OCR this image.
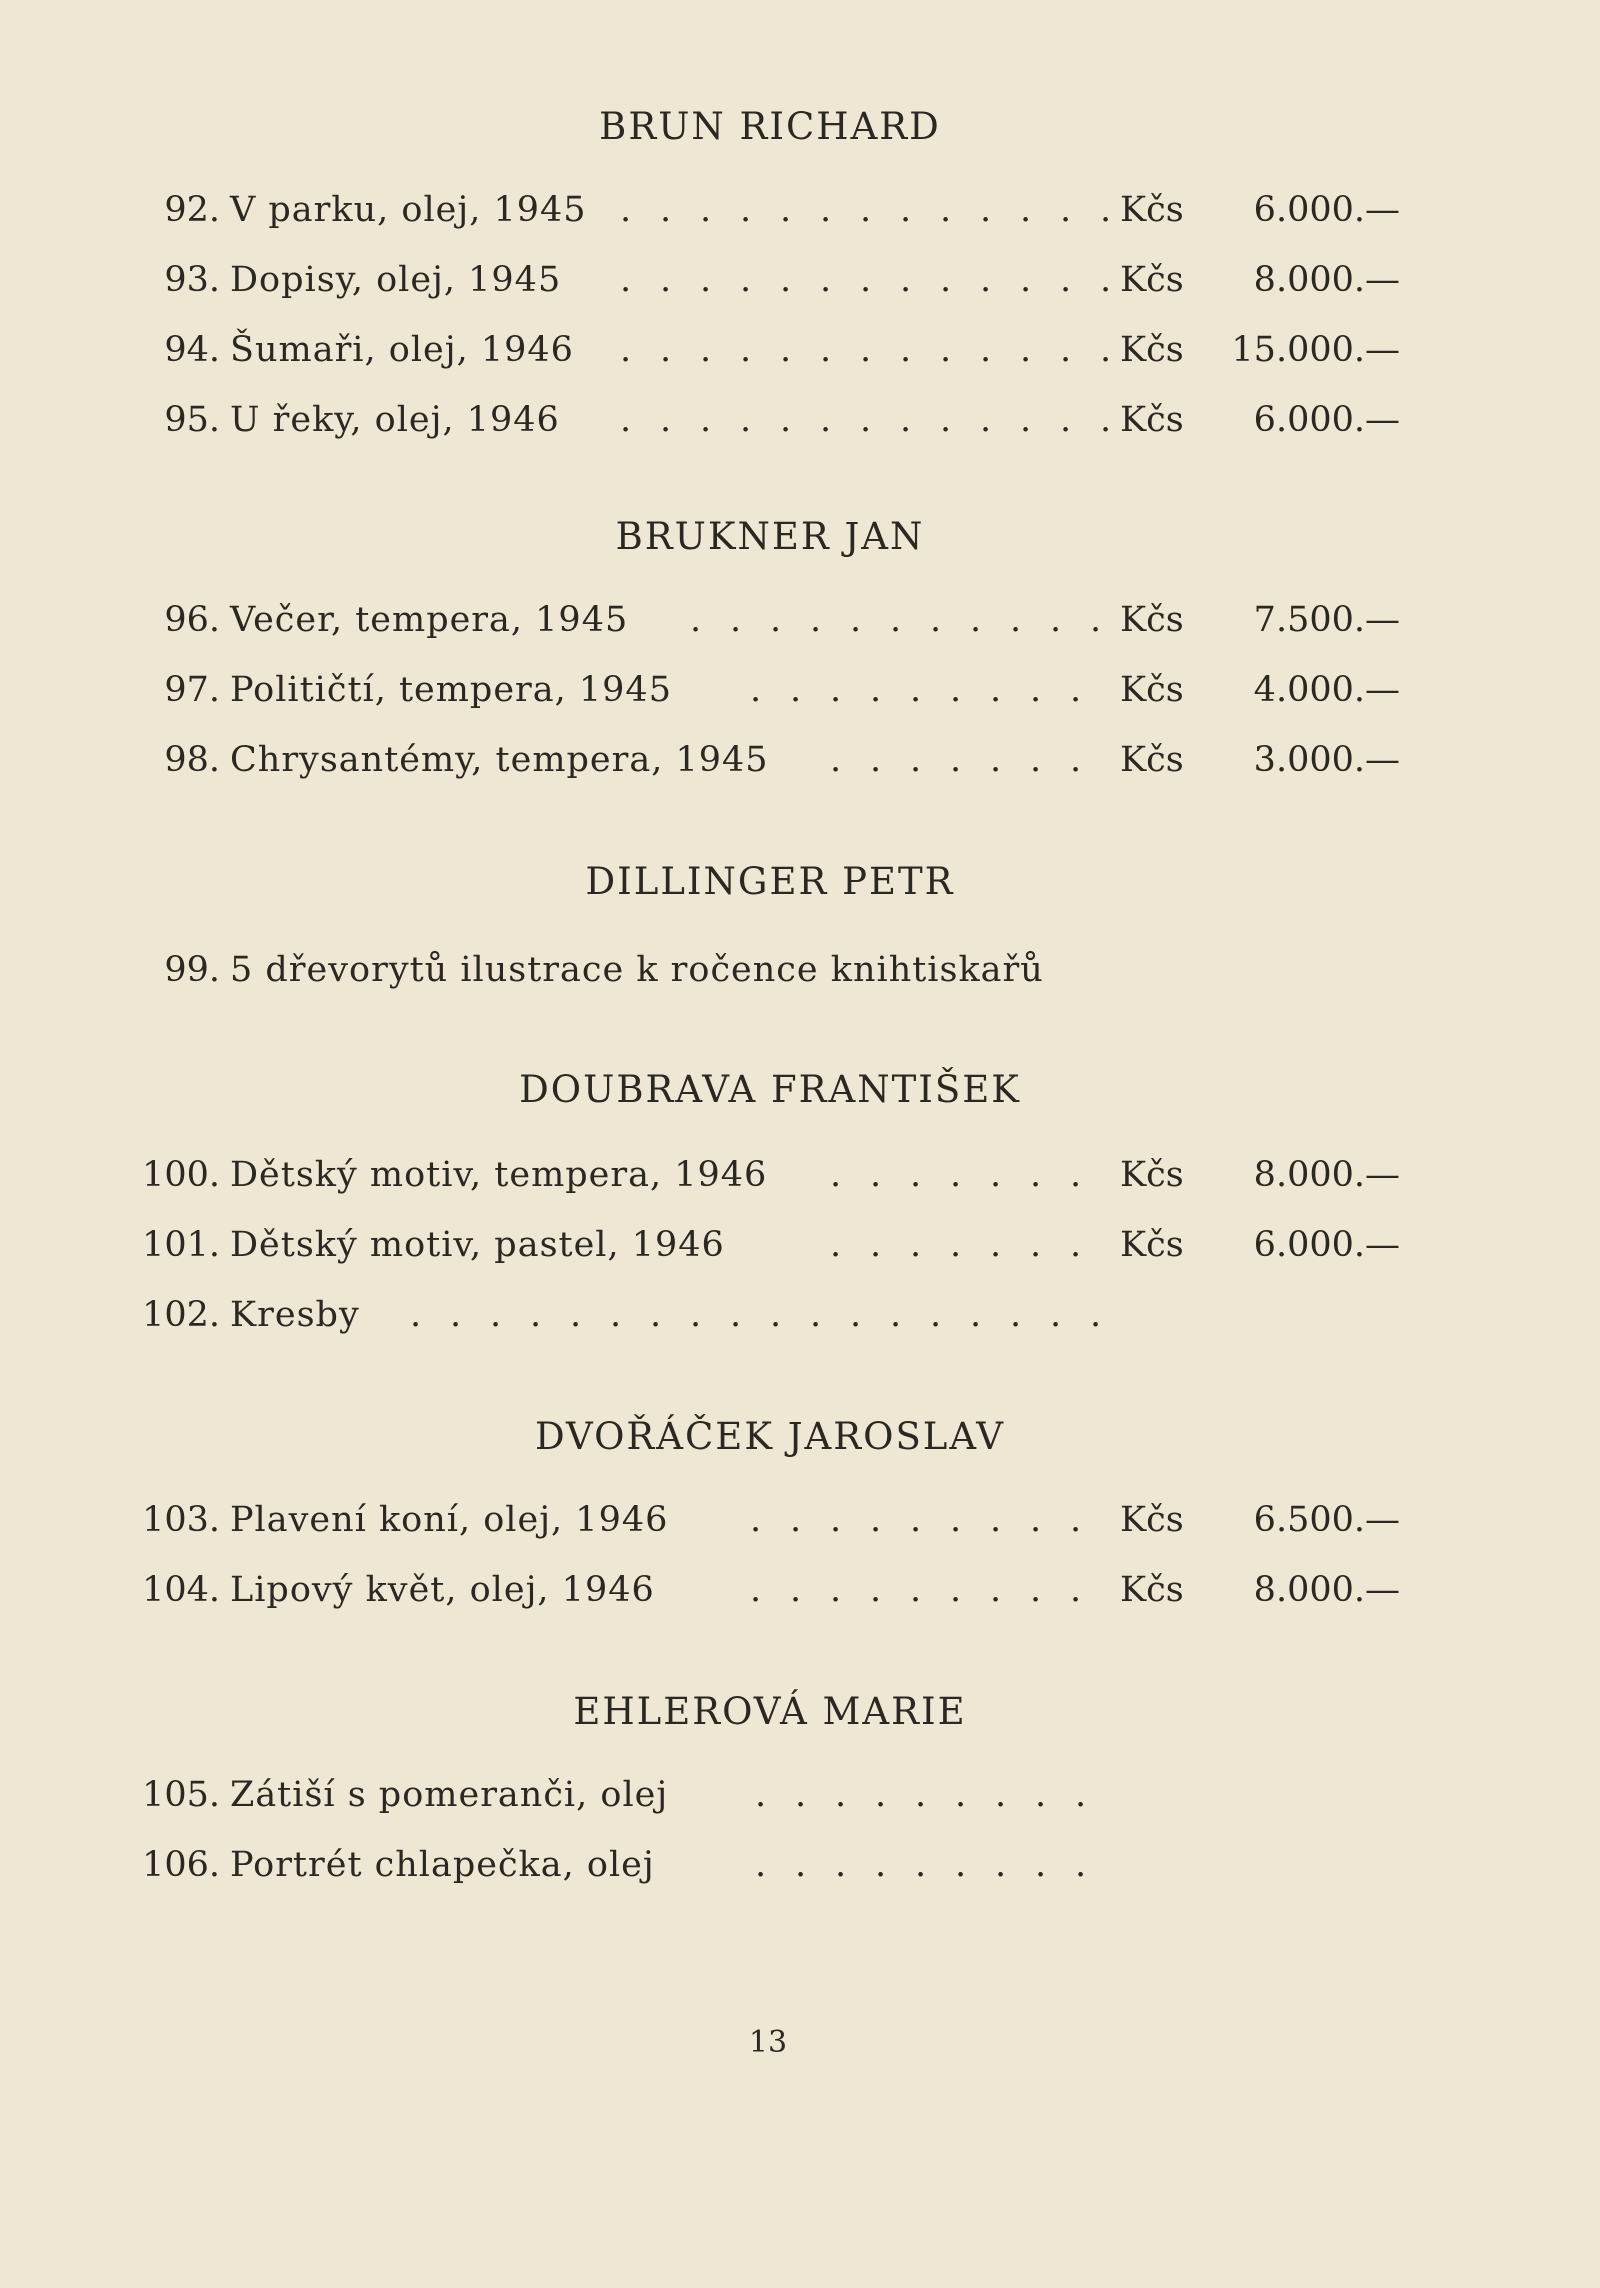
BRUN RICHARD
92. V parku, olej, 1945	Kčs	6.000.—
. . . . . . . . . . . . .
93. Dopisy, olej, 1945	Kčs	8.000.—
. . . . . . . . . . . . .
94. Šumaři, olej, 1946	Kčs	15.000.—
. . . . . . . . . . . . .
95. U řeky, olej, 1946	Kčs	6.000.—
. . . . . . . . . . . . .
BRUKNER JAN
96. Večer, tempera, 1945	Kčs	7.500.—
. . . . . . . . . . .
97. Političtí, tempera, 1945	Kčs	4.000.—
. . . . . . . . .
98. Chrysantémy, tempera, 1945	Kčs	3.000.—
. . . . . . .
DILLINGER PETR
99. 5 dřevorytů ilustrace k ročence knihtiskařů
DOUBRAVA FRANTIŠEK
100. Dětský motiv, tempera, 1946	Kčs	8.000.—
. . . . . . .
101. Dětský motiv, pastel, 1946	Kčs	6.000.—
. . . . . . .
102. Kresby . . . . . . . . . . . . . . . . . .
DVOŘÁČEK JAROSLAV
103. Plavení koní, olej, 1946	Kčs	6.500.—
. . . . . . . . .
104. Lipový květ, olej, 1946	Kčs	8.000.—
. . . . . . . . .
EHLEROVÁ MARIE
105. Zátiší s pomeranči, olej . . . . . . . . .
106. Portrét chlapečka, olej	. . . . . . . . .
13
